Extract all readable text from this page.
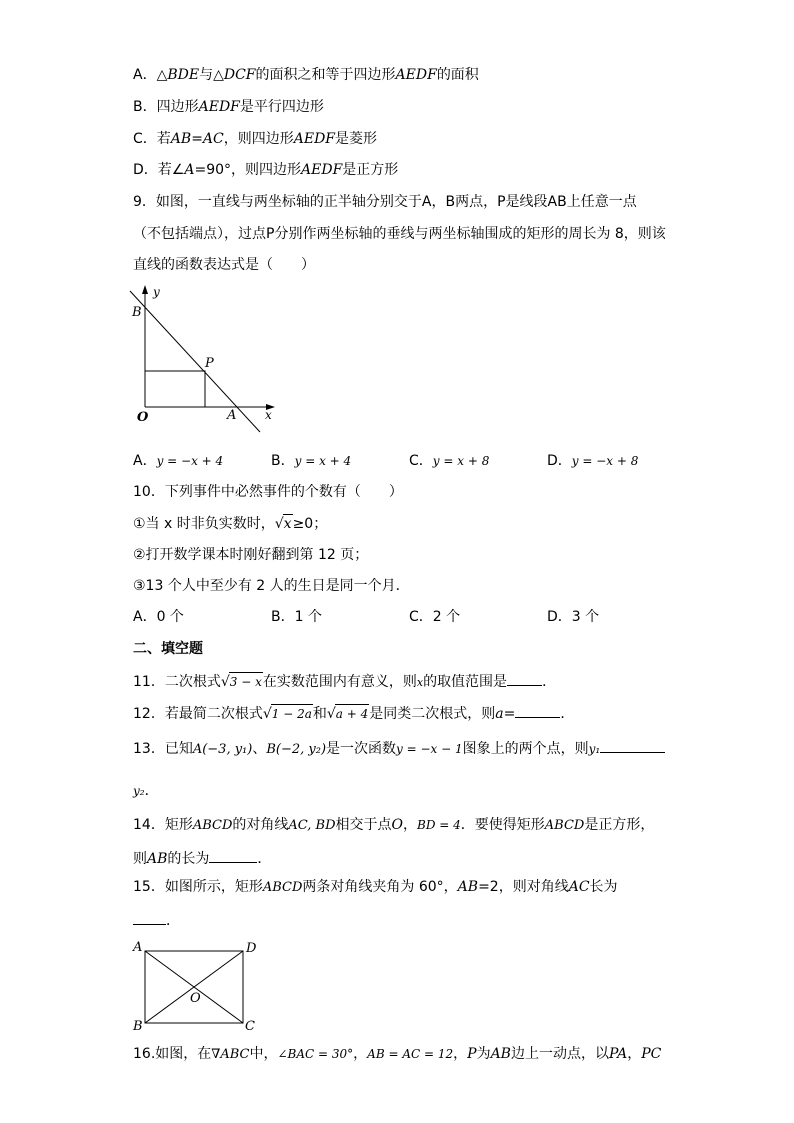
A．△BDE与△DCF的面积之和等于四边形AEDF的面积
B．四边形AEDF是平行四边形
C．若AB=AC，则四边形AEDF是菱形
D．若∠A=90°，则四边形AEDF是正方形
9．如图，一直线与两坐标轴的正半轴分别交于A，B两点，P是线段AB上任意一点
（不包括端点），过点P分别作两坐标轴的垂线与两坐标轴围成的矩形的周长为 8，则该
直线的函数表达式是（　　）
B
P
O	A x
y
A．y = −x + 4	B．y = x + 4	C．y = x + 8	D．y = −x + 8
10．下列事件中必然事件的个数有（　　）
①当 x 时非负实数时，√x≥0；
②打开数学课本时刚好翻到第 12 页；
③13 个人中至少有 2 人的生日是同一个月．
A．0 个	B．1 个	C．2 个	D．3 个
二、填空题
11．二次根式√3 − x在实数范围内有意义，则x的取值范围是	．
12．若最简二次根式√1 − 2a和√a + 4是同类二次根式，则a=	．
13．已知A(−3, y₁)、B(−2, y₂)是一次函数y = −x − 1图象上的两个点，则y₁
y₂．
14．矩形ABCD的对角线AC, BD相交于点O，BD = 4．要使得矩形ABCD是正方形，
则AB的长为	．
15．如图所示，矩形ABCD两条对角线夹角为 60°，AB=2，则对角线AC长为
．
A	D
O
B	C
16.如图，在∇ABC中，∠BAC = 30°，AB = AC = 12，P为AB边上一动点，以PA，PC
